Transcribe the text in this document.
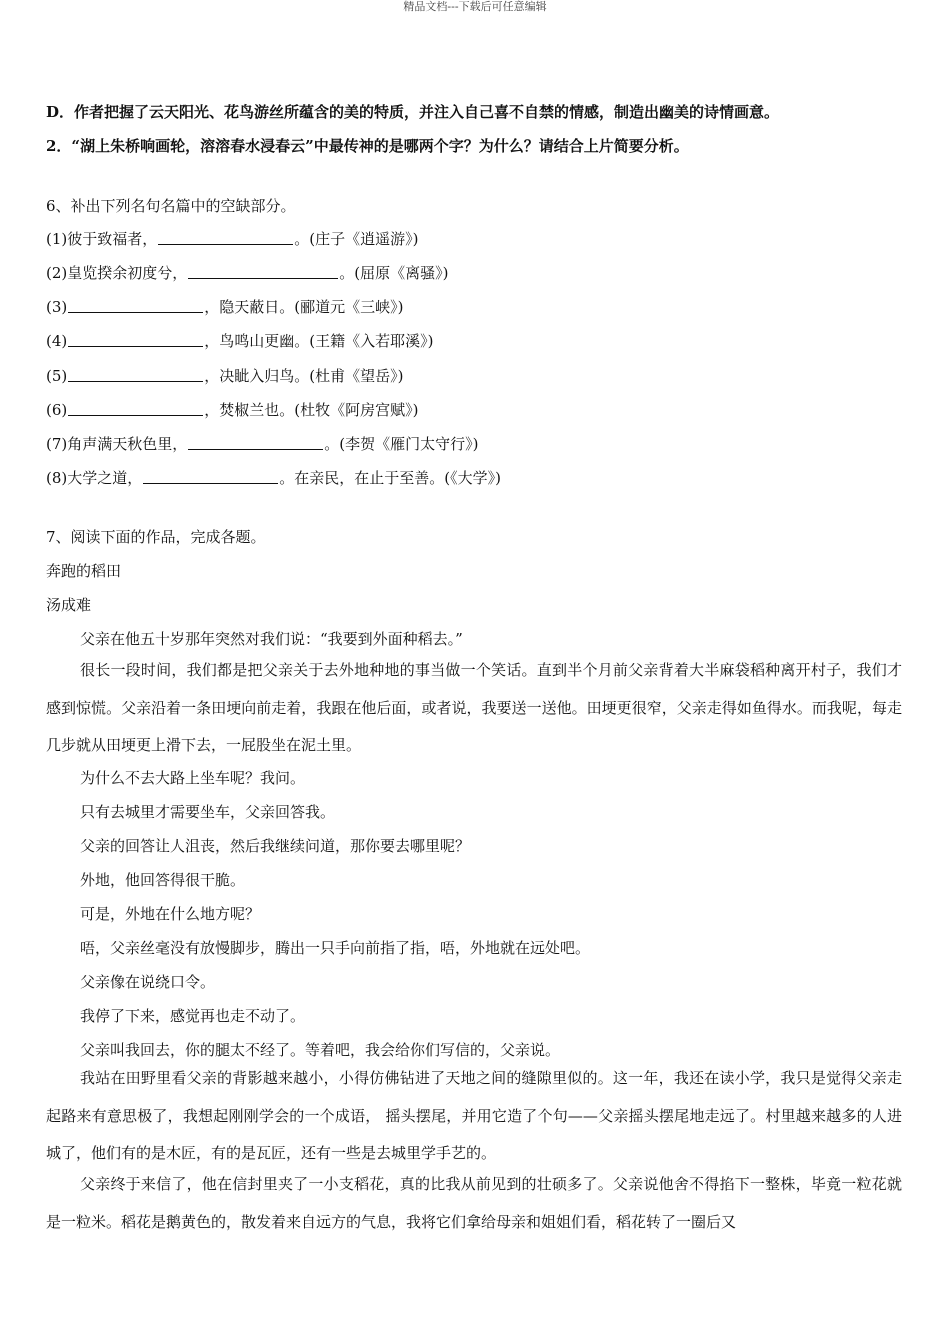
精品文档---下载后可任意编辑
D．作者把握了云天阳光、花鸟游丝所蕴含的美的特质，并注入自己喜不自禁的情感，制造出幽美的诗情画意。
2．“湖上朱桥响画轮，溶溶春水浸春云”中最传神的是哪两个字？为什么？请结合上片简要分析。
6、补出下列名句名篇中的空缺部分。
(1)彼于致福者，	。(庄子《逍遥游》)
(2)皇览揆余初度兮，	。(屈原《离骚》)
(3)	，隐天蔽日。(郦道元《三峡》)
(4)	，鸟鸣山更幽。(王籍《入若耶溪》)
(5)	，决眦入归鸟。(杜甫《望岳》)
(6)	，焚椒兰也。(杜牧《阿房宫赋》)
(7)角声满天秋色里，	。(李贺《雁门太守行》)
(8)大学之道，	。在亲民，在止于至善。(《大学》)
7、阅读下面的作品，完成各题。
奔跑的稻田
汤成难
父亲在他五十岁那年突然对我们说：“我要到外面种稻去。”
很长一段时间，我们都是把父亲关于去外地种地的事当做一个笑话。直到半个月前父亲背着大半麻袋稻种离开村子，我们才感到惊慌。父亲沿着一条田埂向前走着，我跟在他后面，或者说，我要送一送他。田埂更很窄，父亲走得如鱼得水。而我呢，每走几步就从田埂更上滑下去，一屁股坐在泥土里。
为什么不去大路上坐车呢？我问。
只有去城里才需要坐车，父亲回答我。
父亲的回答让人沮丧，然后我继续问道，那你要去哪里呢？
外地，他回答得很干脆。
可是，外地在什么地方呢？
唔，父亲丝毫没有放慢脚步，腾出一只手向前指了指，唔，外地就在远处吧。
父亲像在说绕口令。
我停了下来，感觉再也走不动了。
父亲叫我回去，你的腿太不经了。等着吧，我会给你们写信的，父亲说。
我站在田野里看父亲的背影越来越小，小得仿佛钻进了天地之间的缝隙里似的。这一年，我还在读小学，我只是觉得父亲走起路来有意思极了，我想起刚刚学会的一个成语， 摇头摆尾，并用它造了个句——父亲摇头摆尾地走远了。村里越来越多的人进城了，他们有的是木匠，有的是瓦匠，还有一些是去城里学手艺的。
父亲终于来信了，他在信封里夹了一小支稻花，真的比我从前见到的壮硕多了。父亲说他舍不得掐下一整株，毕竟一粒花就是一粒米。稻花是鹅黄色的，散发着来自远方的气息，我将它们拿给母亲和姐姐们看，稻花转了一圈后又
